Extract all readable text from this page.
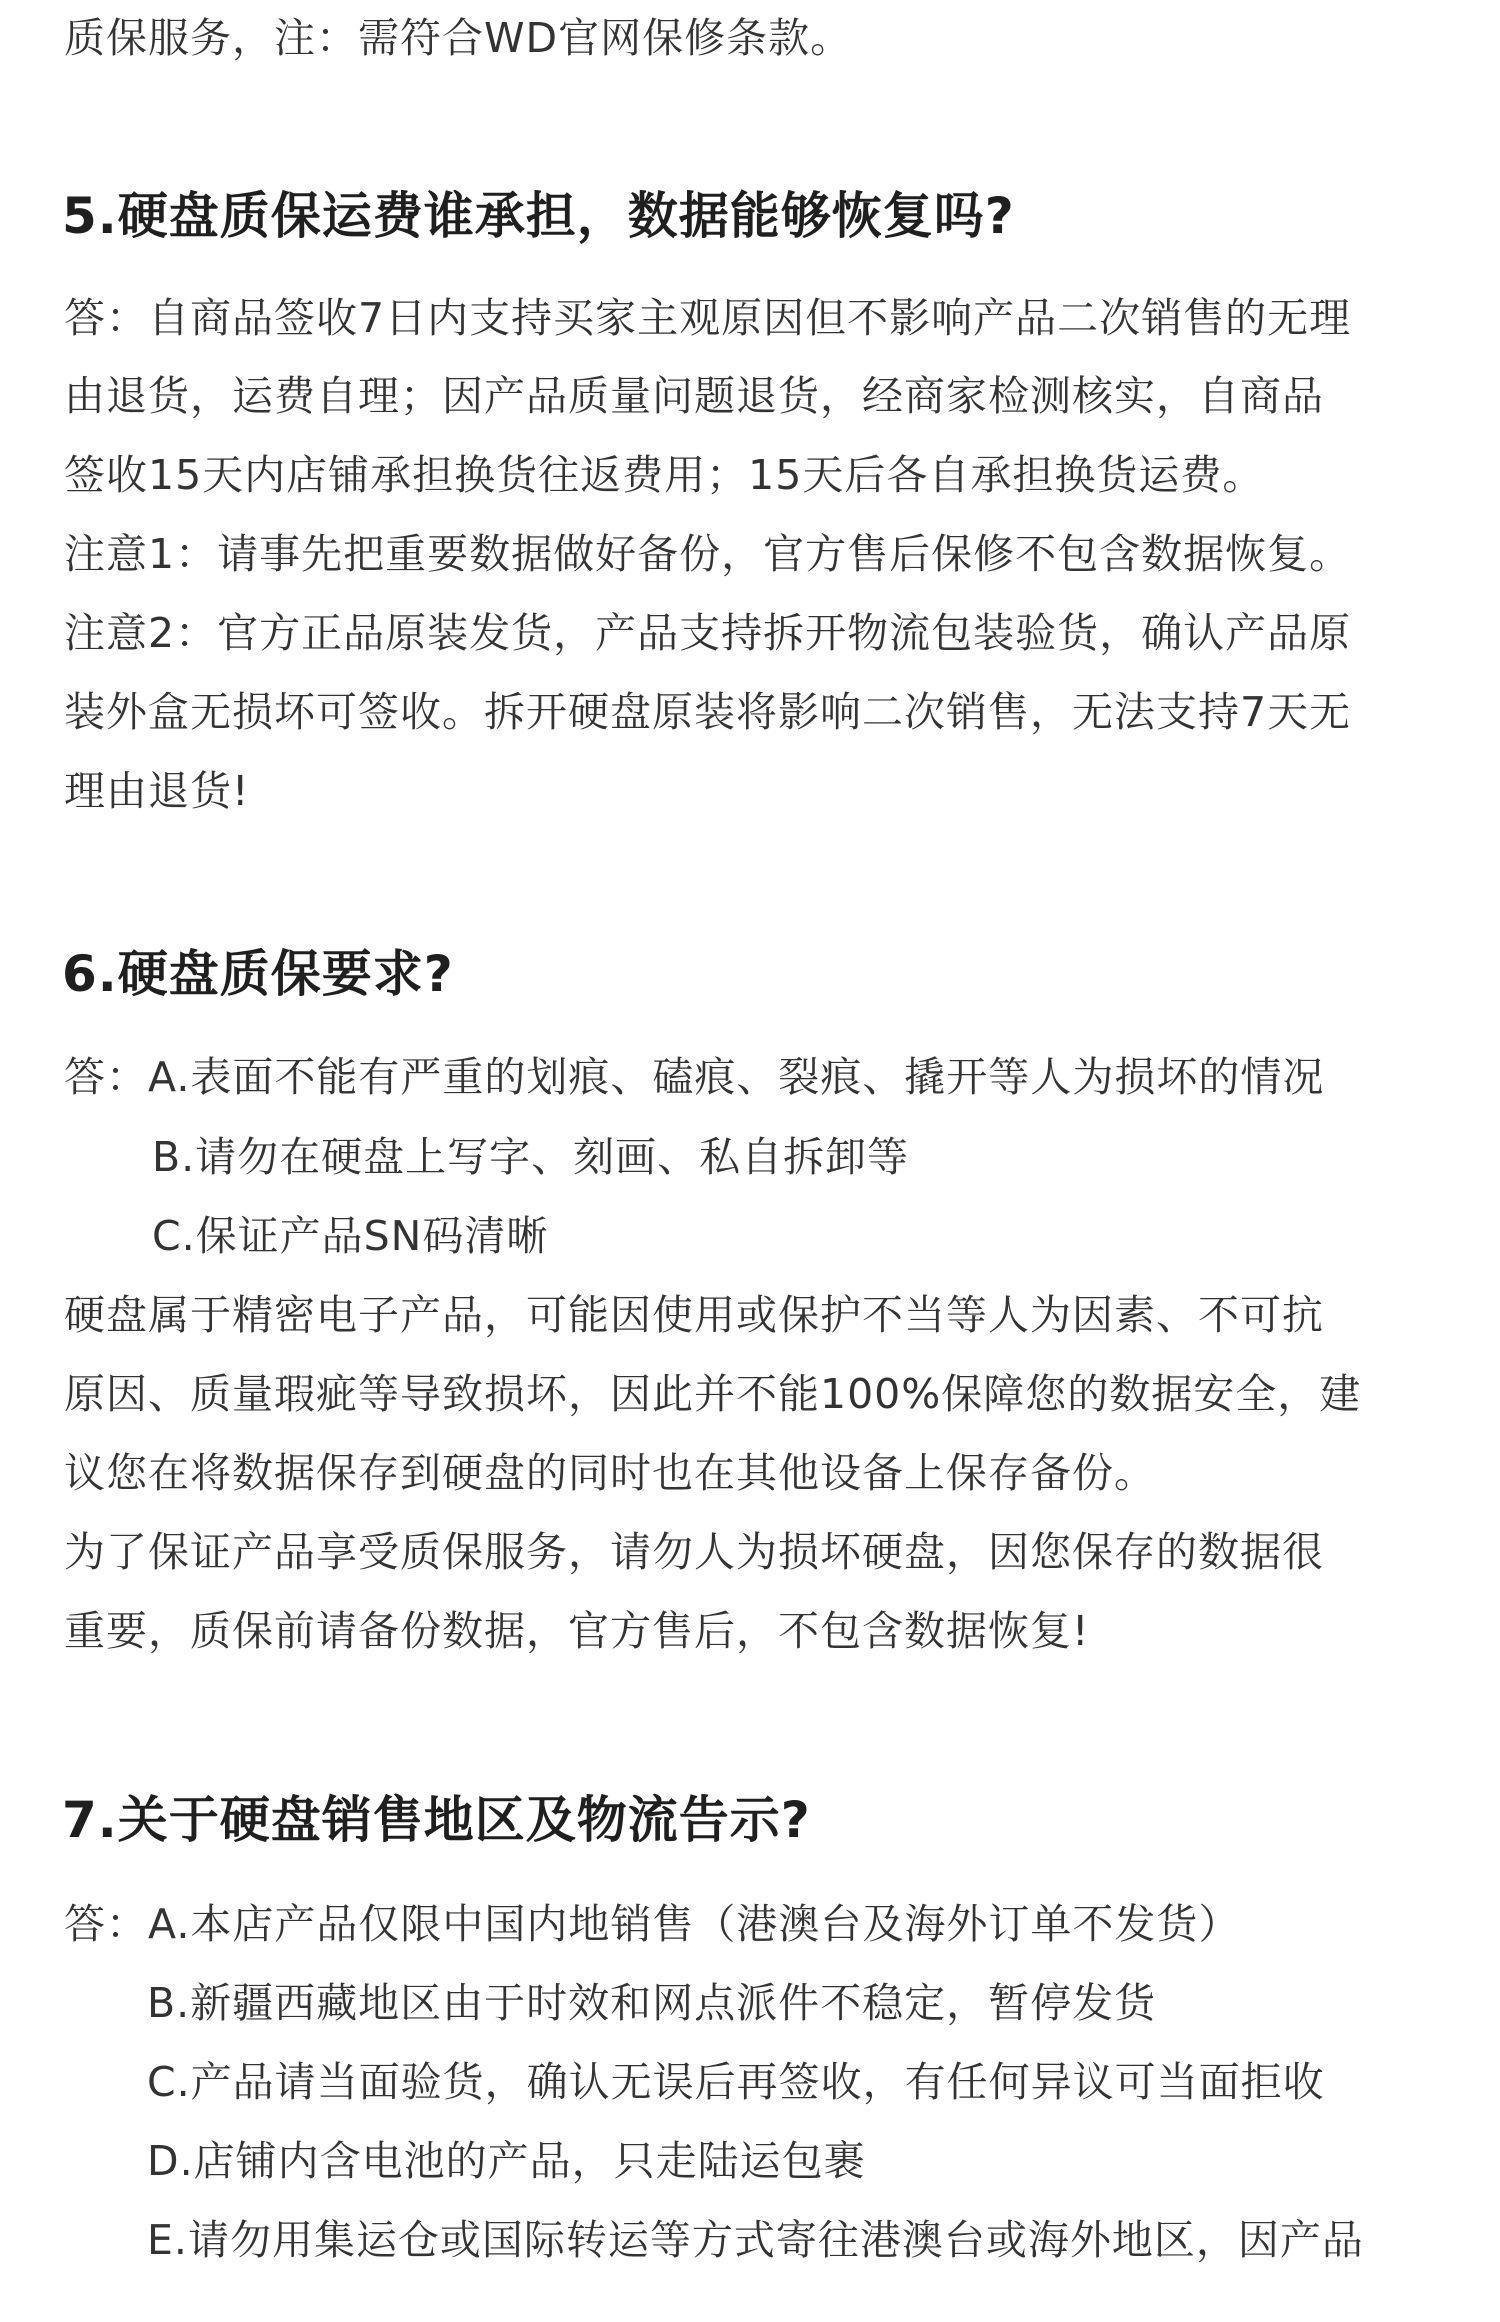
质保服务，注：需符合WD官网保修条款。
5.硬盘质保运费谁承担，数据能够恢复吗?
答：自商品签收7日内支持买家主观原因但不影响产品二次销售的无理
由退货，运费自理；因产品质量问题退货，经商家检测核实，自商品
签收15天内店铺承担换货往返费用；15天后各自承担换货运费。
注意1：请事先把重要数据做好备份，官方售后保修不包含数据恢复。
注意2：官方正品原装发货，产品支持拆开物流包装验货，确认产品原
装外盒无损坏可签收。拆开硬盘原装将影响二次销售，无法支持7天无
理由退货!
6.硬盘质保要求?
答：A.表面不能有严重的划痕、磕痕、裂痕、撬开等人为损坏的情况
B.请勿在硬盘上写字、刻画、私自拆卸等
C.保证产品SN码清晰
硬盘属于精密电子产品，可能因使用或保护不当等人为因素、不可抗
原因、质量瑕疵等导致损坏，因此并不能100%保障您的数据安全，建
议您在将数据保存到硬盘的同时也在其他设备上保存备份。
为了保证产品享受质保服务，请勿人为损坏硬盘，因您保存的数据很
重要，质保前请备份数据，官方售后，不包含数据恢复!
7.关于硬盘销售地区及物流告示?
答：A.本店产品仅限中国内地销售（港澳台及海外订单不发货）
B.新疆西藏地区由于时效和网点派件不稳定，暂停发货
C.产品请当面验货，确认无误后再签收，有任何异议可当面拒收
D.店铺内含电池的产品，只走陆运包裹
E.请勿用集运仓或国际转运等方式寄往港澳台或海外地区，因产品
